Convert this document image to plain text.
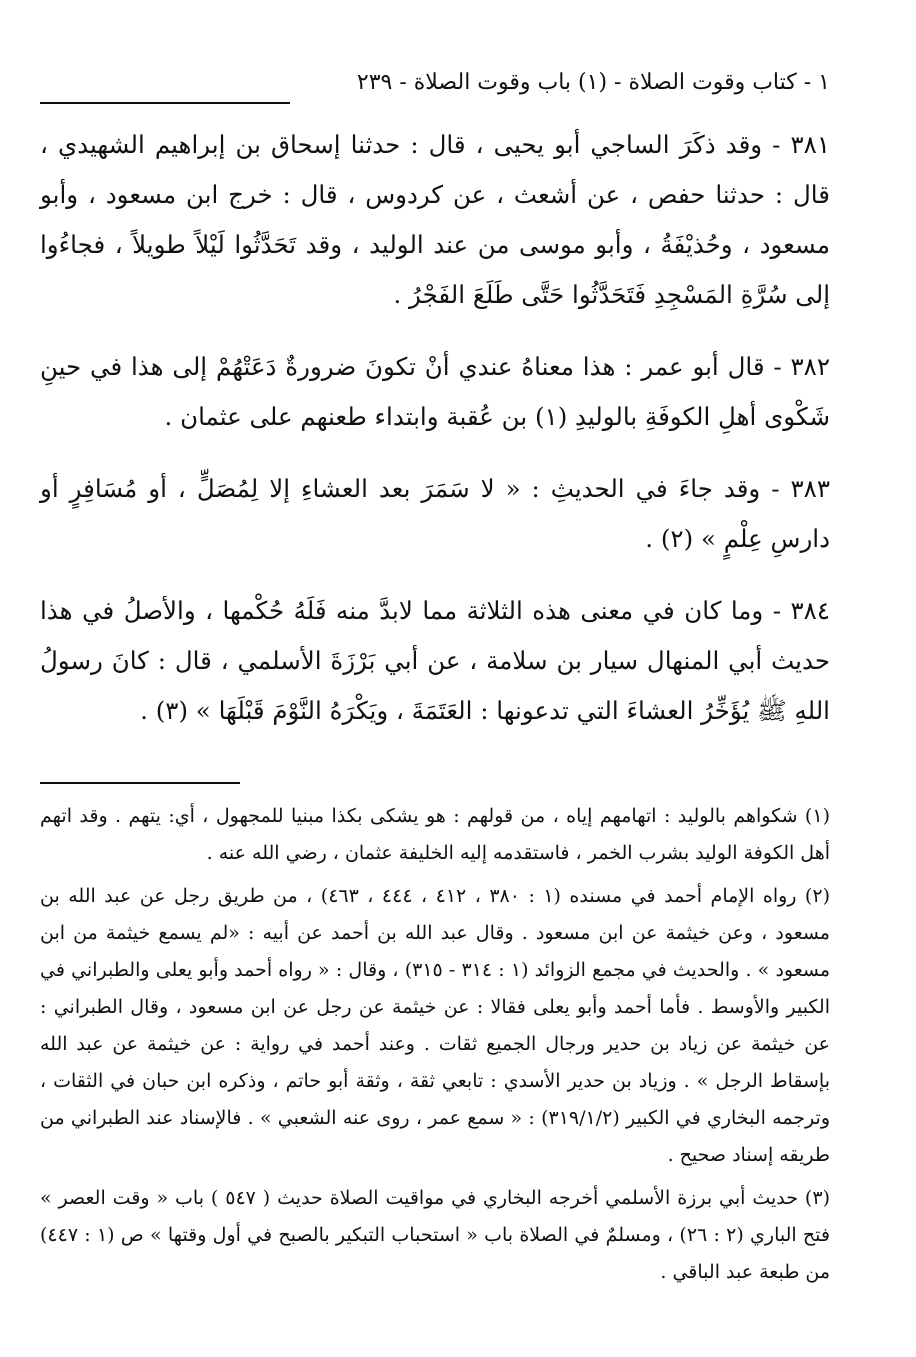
١ - كتاب وقوت الصلاة - (١) باب وقوت الصلاة - ٢٣٩

٣٨١ - وقد ذكَرَ الساجي أبو يحيى ، قال : حدثنا إسحاق بن إبراهيم الشهيدي ، قال : حدثنا حفص ، عن أشعث ، عن كردوس ، قال : خرج ابن مسعود ، وأبو مسعود ، وحُذيْفَةُ ، وأبو موسى من عند الوليد ، وقد تَحَدَّثُوا لَيْلاً طويلاً ، فجاءُوا إلى سُرَّةِ المَسْجِدِ فَتَحَدَّثُوا حَتَّى طَلَعَ الفَجْرُ .

٣٨٢ - قال أبو عمر : هذا معناهُ عندي أنْ تكونَ ضرورةٌ دَعَتْهُمْ إلى هذا في حينِ شَكْوى أهلِ الكوفَةِ بالوليدِ (١) بن عُقبة وابتداء طعنهم على عثمان .

٣٨٣ - وقد جاءَ في الحديثِ : « لا سَمَرَ بعد العشاءِ إلا لِمُصَلٍّ ، أو مُسَافِرٍ أو دارسِ عِلْمٍ » (٢) .

٣٨٤ - وما كان في معنى هذه الثلاثة مما لابدَّ منه فَلَهُ حُكْمها ، والأصلُ في هذا حديث أبي المنهال سيار بن سلامة ، عن أبي بَرْزَةَ الأسلمي ، قال : كانَ رسولُ اللهِ ﷺ يُؤَخِّرُ العشاءَ التي تدعونها : العَتَمَةَ ، ويَكْرَهُ النَّوْمَ قَبْلَهَا » (٣) .

(١) شكواهم بالوليد : اتهامهم إياه ، من قولهم : هو يشكى بكذا مبنيا للمجهول ، أي: يتهم . وقد اتهم أهل الكوفة الوليد بشرب الخمر ، فاستقدمه إليه الخليفة عثمان ، رضي الله عنه .

(٢) رواه الإمام أحمد في مسنده (١ : ٣٨٠ ، ٤١٢ ، ٤٤٤ ، ٤٦٣) ، من طريق رجل عن عبد الله بن مسعود ، وعن خيثمة عن ابن مسعود . وقال عبد الله بن أحمد عن أبيه : «لم يسمع خيثمة من ابن مسعود » . والحديث في مجمع الزوائد (١ : ٣١٤ - ٣١٥) ، وقال : « رواه أحمد وأبو يعلى والطبراني في الكبير والأوسط . فأما أحمد وأبو يعلى فقالا : عن خيثمة عن رجل عن ابن مسعود ، وقال الطبراني : عن خيثمة عن زياد بن حدير ورجال الجميع ثقات . وعند أحمد في رواية : عن خيثمة عن عبد الله بإسقاط الرجل » . وزياد بن حدير الأسدي : تابعي ثقة ، وثقة أبو حاتم ، وذكره ابن حبان في الثقات ، وترجمه البخاري في الكبير (٣١٩/١/٢) : « سمع عمر ، روى عنه الشعبي » . فالإسناد عند الطبراني من طريقه إسناد صحيح .

(٣) حديث أبي برزة الأسلمي أخرجه البخاري في مواقيت الصلاة حديث ( ٥٤٧ ) باب « وقت العصر » فتح الباري (٢ : ٢٦) ، ومسلمٌ في الصلاة باب « استحباب التبكير بالصبح في أول وقتها » ص (١ : ٤٤٧) من طبعة عبد الباقي .
